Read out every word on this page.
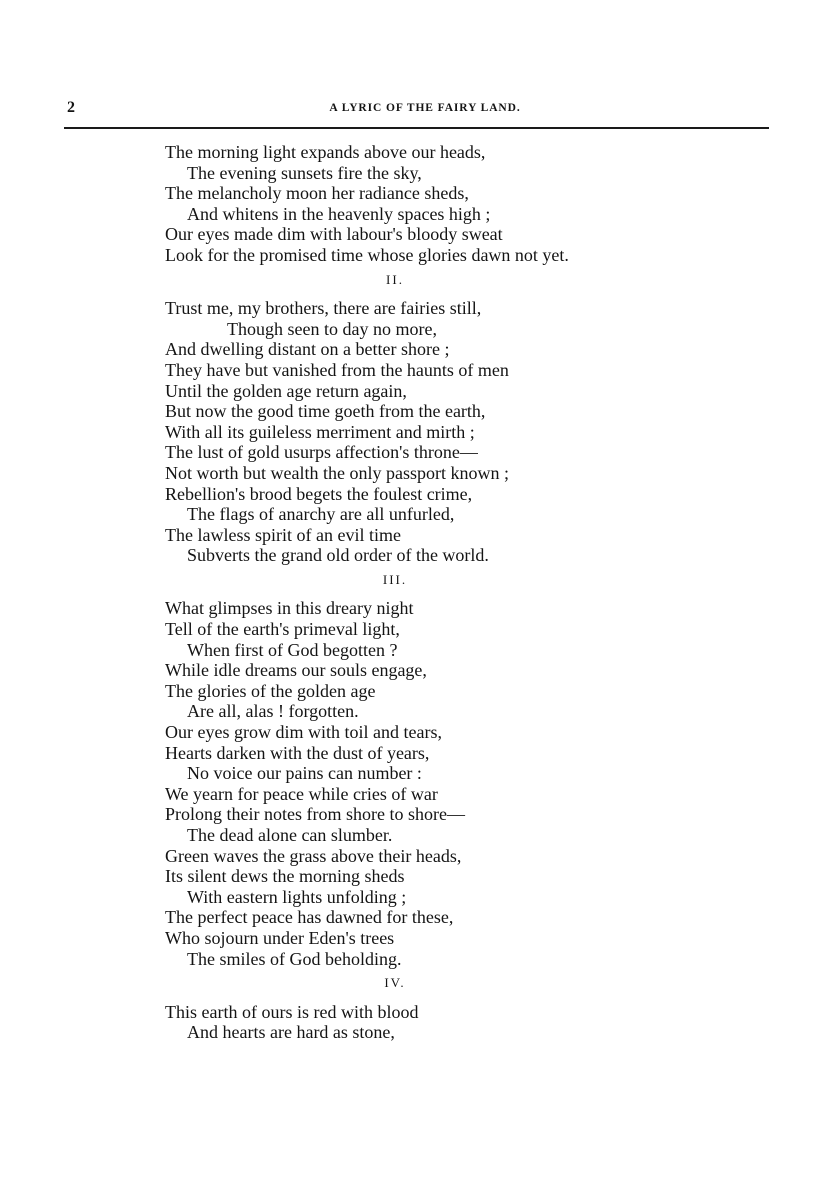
2	A LYRIC OF THE FAIRY LAND.
The morning light expands above our heads,
The evening sunsets fire the sky,
The melancholy moon her radiance sheds,
And whitens in the heavenly spaces high ;
Our eyes made dim with labour's bloody sweat
Look for the promised time whose glories dawn not yet.
II.
Trust me, my brothers, there are fairies still,
Though seen to day no more,
And dwelling distant on a better shore ;
They have but vanished from the haunts of men
Until the golden age return again,
But now the good time goeth from the earth,
With all its guileless merriment and mirth ;
The lust of gold usurps affection's throne—
Not worth but wealth the only passport known ;
Rebellion's brood begets the foulest crime,
The flags of anarchy are all unfurled,
The lawless spirit of an evil time
Subverts the grand old order of the world.
III.
What glimpses in this dreary night
Tell of the earth's primeval light,
When first of God begotten ?
While idle dreams our souls engage,
The glories of the golden age
Are all, alas ! forgotten.
Our eyes grow dim with toil and tears,
Hearts darken with the dust of years,
No voice our pains can number :
We yearn for peace while cries of war
Prolong their notes from shore to shore—
The dead alone can slumber.
Green waves the grass above their heads,
Its silent dews the morning sheds
With eastern lights unfolding ;
The perfect peace has dawned for these,
Who sojourn under Eden's trees
The smiles of God beholding.
IV.
This earth of ours is red with blood
And hearts are hard as stone,
